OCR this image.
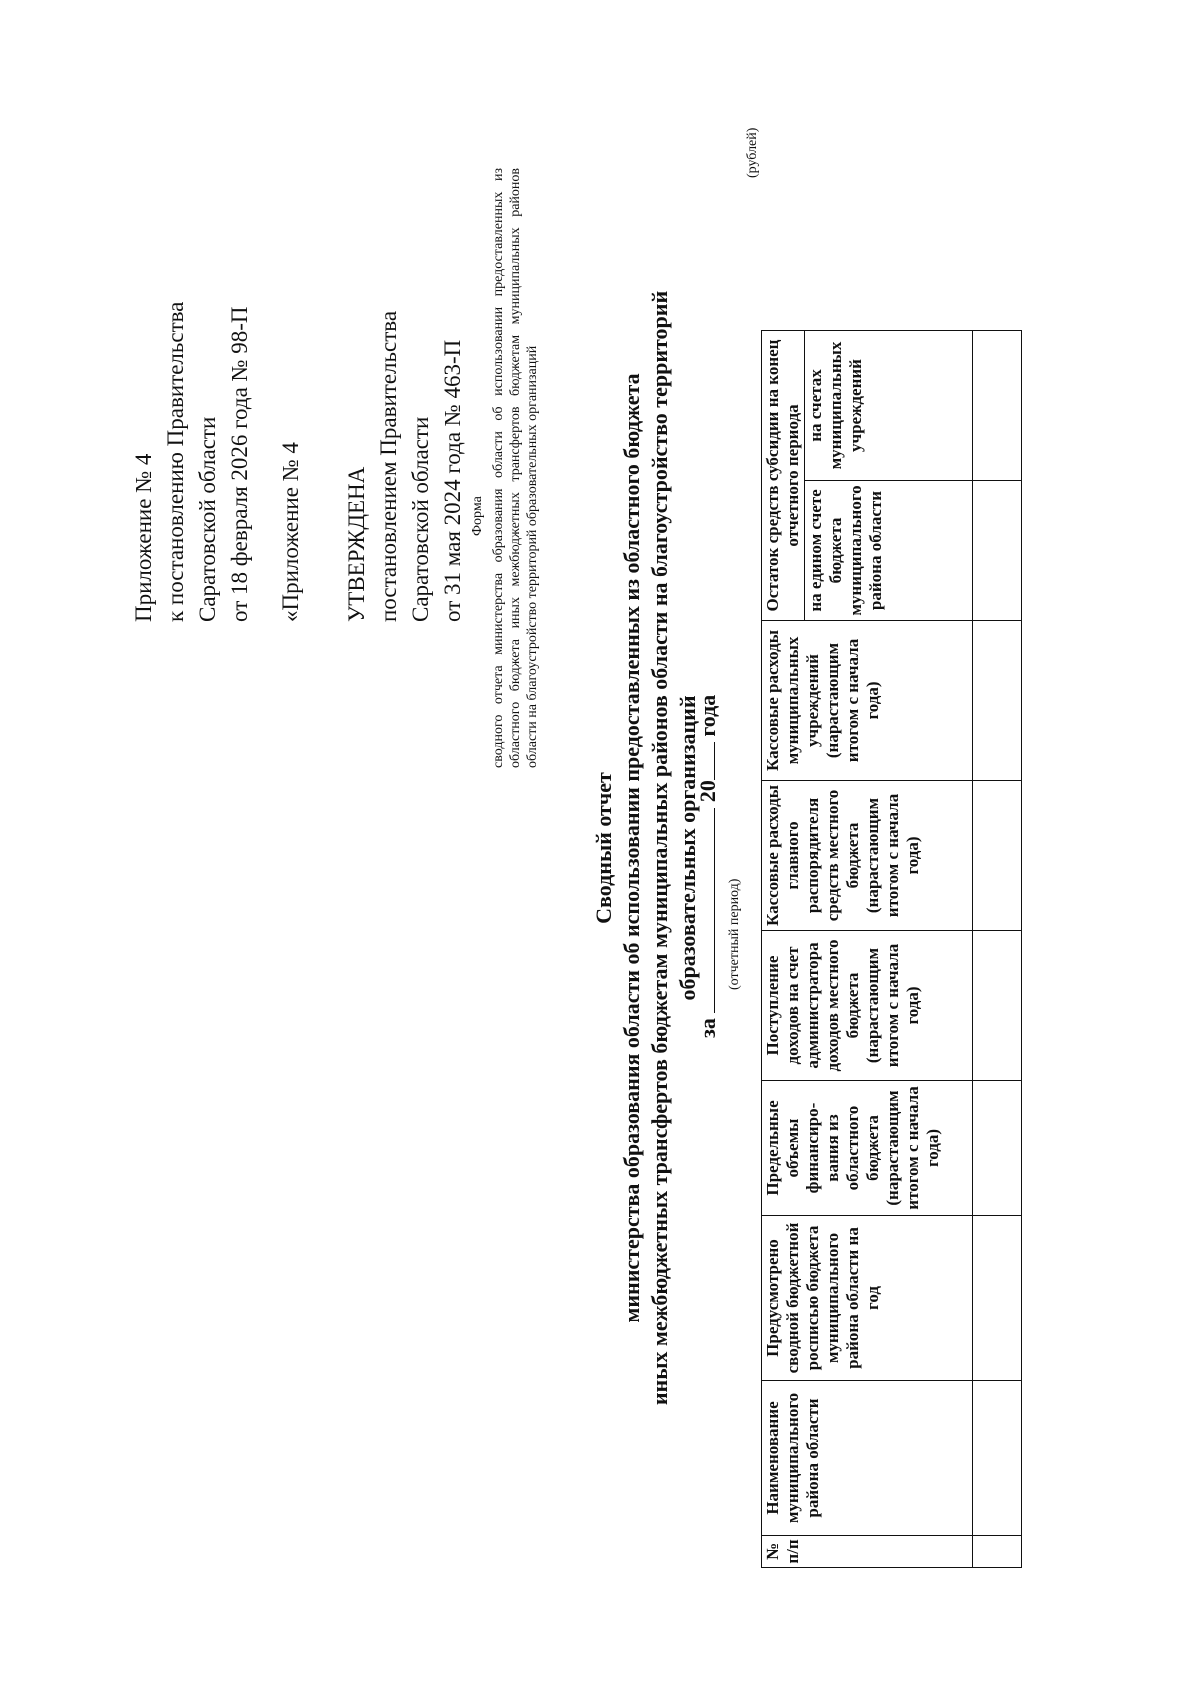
Приложение № 4 к постановлению Правительства Саратовской области от 18 февраля 2026 года № 98-П «Приложение № 4 УТВЕРЖДЕНА постановлением Правительства Саратовской области от 31 мая 2024 года № 463-П Форма сводного отчета министерства образования области об использовании предоставленных из областного бюджета иных межбюджетных трансфертов бюджетам муниципальных районов области на благоустройство территорий образовательных организаций
Сводный отчет министерства образования области об использовании предоставленных из областного бюджета иных межбюджетных трансфертов бюджетам муниципальных районов области на благоустройство территорий образовательных организаций
за  20 года
(отчетный период)
(рублей)
№ п/п	Наименование муниципального района области	Предусмотрено сводной бюджетной росписью бюджета муниципального района области на год	Предельные объемы финансиро-вания из областного бюджета (нарастающим итогом с начала года)	Поступление доходов на счет администратора доходов местного бюджета (нарастающим итогом с начала года)	Кассовые расходы главного распорядителя средств местного бюджета (нарастающим итогом с начала года)	Кассовые расходы муниципальных учреждений (нарастающим итогом с начала года)	Остаток средств субсидии на конец отчетного периода	
							на едином счете бюджета муниципального района области	на счетах муниципальных учреждений
